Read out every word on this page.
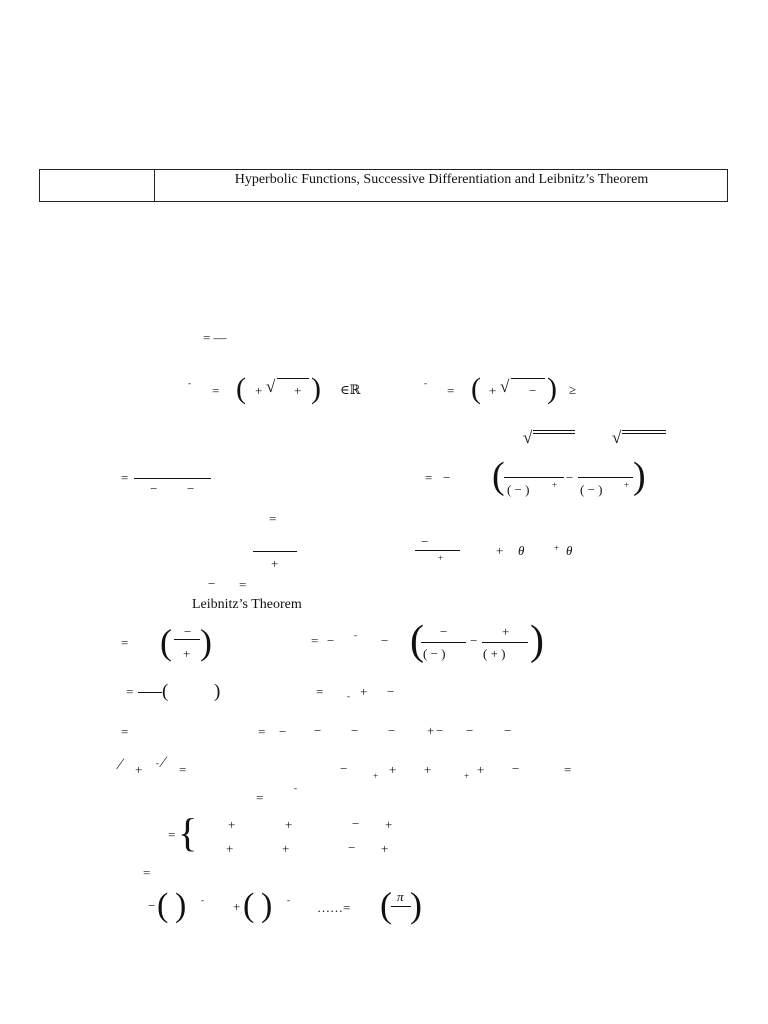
Hyperbolic Functions, Successive Differentiation and Leibnitz’s Theorem
= —
- = ( + √ + ) ∈ℝ	- = ( + √ − ) ≥
√	√
=
− −
= − ( ( − )	+ −
( − ) + )
=
+
−
+	+ θ	+ θ
− =
Leibnitz’s Theorem
= ( −
+ )	= − - − ( −
( − )
−
+
( + ) )
= ( )	=	- + −
=	= − − − − + − − −
⁄ + - ⁄ =	−	+ + +	+ + −	=
=
-
= { +	+	− +
+	+	− +
=
− ( ) - + ( ) - ……= ( π )
